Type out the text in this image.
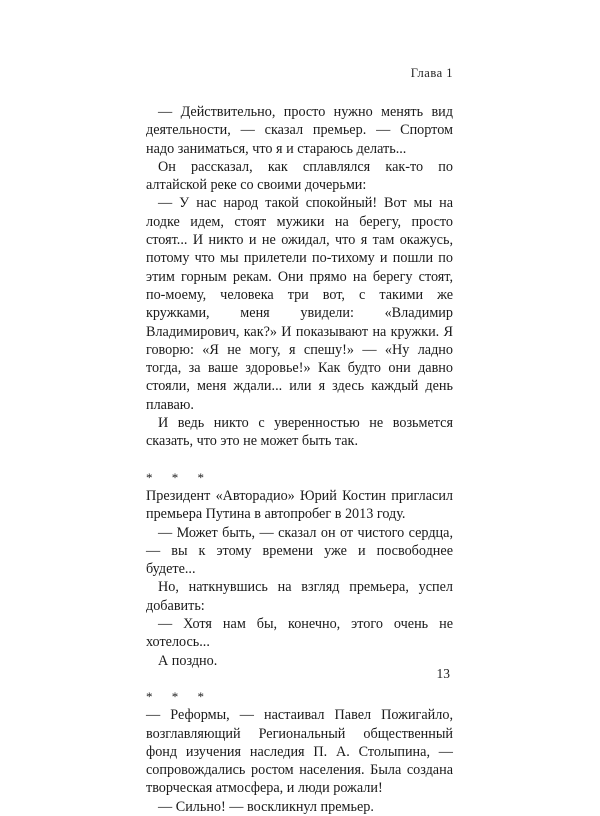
Глава 1

— Действительно, просто нужно менять вид деятельности, — сказал премьер. — Спортом надо заниматься, что я и стараюсь делать...

Он рассказал, как сплавлялся как-то по алтайской реке со своими дочерьми:

— У нас народ такой спокойный! Вот мы на лодке идем, стоят мужики на берегу, просто стоят... И никто и не ожидал, что я там окажусь, потому что мы прилетели по-тихому и пошли по этим горным рекам. Они прямо на берегу стоят, по-моему, человека три вот, с такими же кружками, меня увидели: «Владимир Владимирович, как?» И показывают на кружки. Я говорю: «Я не могу, я спешу!» — «Ну ладно тогда, за ваше здоровье!» Как будто они давно стояли, меня ждали... или я здесь каждый день плаваю.

И ведь никто с уверенностью не возьмется сказать, что это не может быть так.

* * *

Президент «Авторадио» Юрий Костин пригласил премьера Путина в автопробег в 2013 году.

— Может быть, — сказал он от чистого сердца, — вы к этому времени уже и посвободнее будете...

Но, наткнувшись на взгляд премьера, успел добавить:

— Хотя нам бы, конечно, этого очень не хотелось...

А поздно.

* * *

— Реформы, — настаивал Павел Пожигайло, возглавляющий Региональный общественный фонд изучения наследия П. А. Столыпина, — сопровождались ростом населения. Была создана творческая атмосфера, и люди рожали!

— Сильно! — воскликнул премьер.

13
